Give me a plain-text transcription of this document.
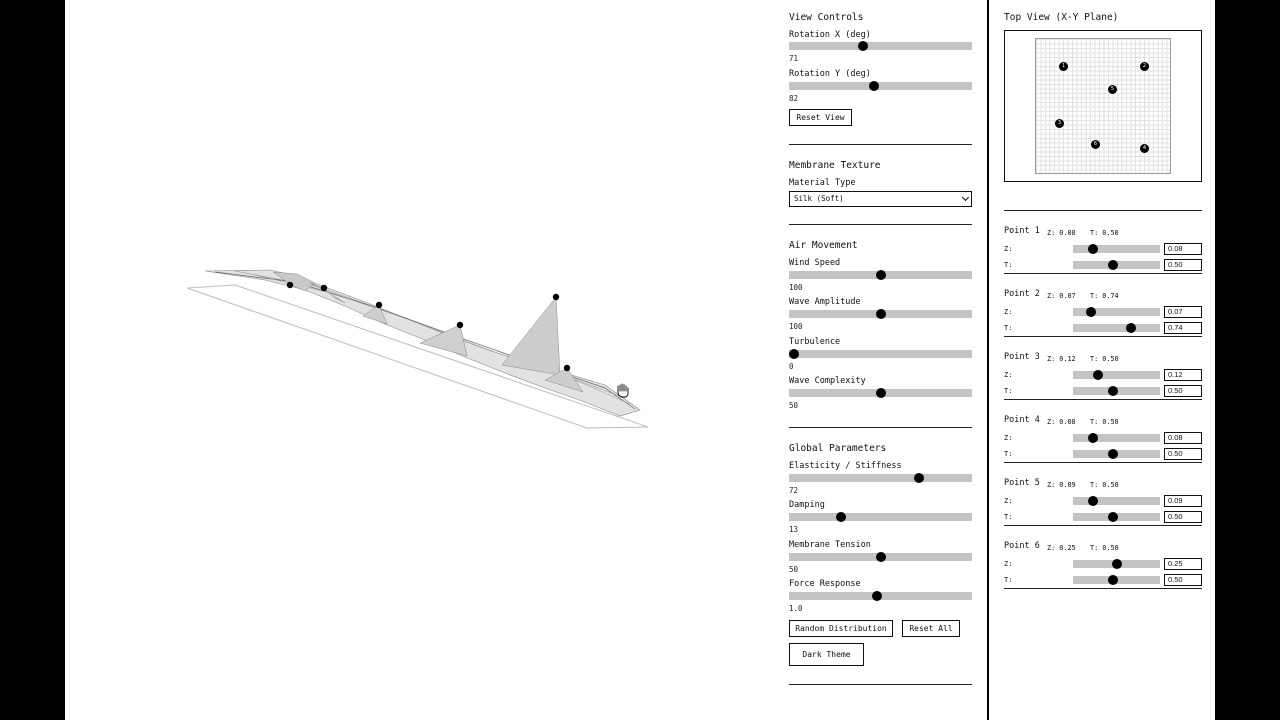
View Controls
Rotation X (deg)
71
Rotation Y (deg)
82
Reset View
Membrane Texture
Material Type
Silk (Soft)
Air Movement
Wind Speed
100
Wave Amplitude
100
Turbulence
0
Wave Complexity
50
Global Parameters
Elasticity / Stiffness
72
Damping
13
Membrane Tension
50
Force Response
1.0
Random Distribution	Reset All
Dark Theme
Top View (X-Y Plane)
1	2
3
4
5
6
Point 1 Z: 0.08 T: 0.50
Z:	0.08
T:	0.50
Point 2 Z: 0.07 T: 0.74
Z:	0.07
T:	0.74
Point 3 Z: 0.12 T: 0.50
Z:	0.12
T:	0.50
Point 4 Z: 0.08 T: 0.50
Z:	0.08
T:	0.50
Point 5 Z: 0.09 T: 0.50
Z:	0.09
T:	0.50
Point 6 Z: 0.25 T: 0.50
Z:	0.25
T:	0.50
